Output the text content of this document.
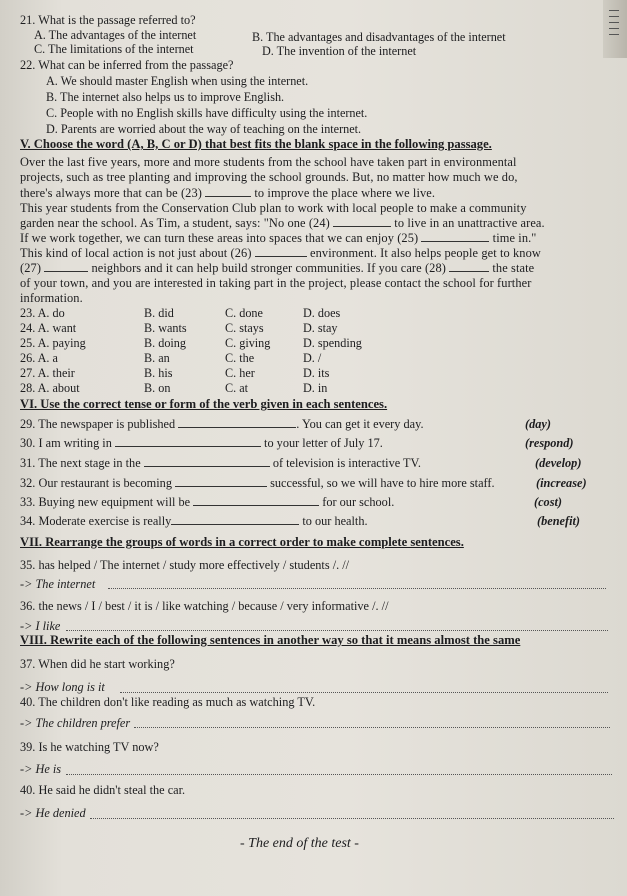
21. What is the passage referred to?
A. The advantages of the internet	B. The advantages and disadvantages of the internet
C. The limitations of the internet	D. The invention of the internet
22. What can be inferred from the passage?
A. We should master English when using the internet.
B. The internet also helps us to improve English.
C. People with no English skills have difficulty using the internet.
D. Parents are worried about the way of teaching on the internet.
V. Choose the word (A, B, C or D) that best fits the blank space in the following passage.
Over the last five years, more and more students from the school have taken part in environmental
projects, such as tree planting and improving the school grounds. But, no matter how much we do,
there's always more that can be (23)	to improve the place where we live.
This year students from the Conservation Club plan to work with local people to make a community
garden near the school. As Tim, a student, says: "No one (24)	to live in an unattractive area.
If we work together, we can turn these areas into spaces that we can enjoy (25)	time in."
This kind of local action is not just about (26)	environment. It also helps people get to know
(27)	neighbors and it can help build stronger communities. If you care (28)	the state
of your town, and you are interested in taking part in the project, please contact the school for further
information.
23. A. do	B. did	C. done	D. does
24. A. want	B. wants	C. stays	D. stay
25. A. paying	B. doing	C. giving	D. spending
26. A. a	B. an	C. the	D. /
27. A. their	B. his	C. her	D. its
28. A. about	B. on	C. at	D. in
VI. Use the correct tense or form of the verb given in each sentences.
29. The newspaper is published	. You can get it every day.	(day)
30. I am writing in	to your letter of July 17.	(respond)
31. The next stage in the	of television is interactive TV.	(develop)
32. Our restaurant is becoming	successful, so we will have to hire more staff.	(increase)
33. Buying new equipment will be	for our school.	(cost)
34. Moderate exercise is really	to our health.	(benefit)
VII. Rearrange the groups of words in a correct order to make complete sentences.
35. has helped / The internet / study more effectively / students /. //
-> The internet
36. the news / I / best / it is / like watching / because / very informative /. //
-> I like
VIII. Rewrite each of the following sentences in another way so that it means almost the same
37. When did he start working?
-> How long is it
40. The children don't like reading as much as watching TV.
-> The children prefer
39. Is he watching TV now?
-> He is
40. He said he didn't steal the car.
-> He denied
- The end of the test -
